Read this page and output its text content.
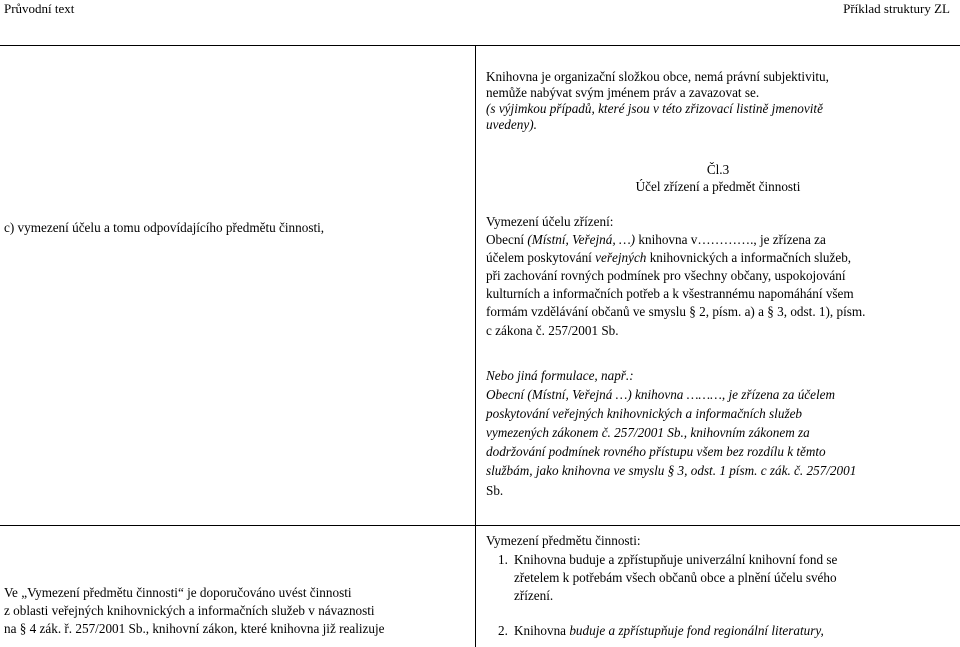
Průvodní text	Příklad struktury ZL
Knihovna je organizační složkou obce, nemá právní subjektivitu,
nemůže nabývat svým jménem práv a zavazovat se.
(s výjimkou případů, které jsou v této zřizovací listině jmenovitě
uvedeny).
Čl.3
Účel zřízení a předmět činnosti
c) vymezení účelu a tomu odpovídajícího předmětu činnosti,	Vymezení účelu zřízení:
Obecní (Místní, Veřejná, …) knihovna v…………., je zřízena za
účelem poskytování veřejných knihovnických a informačních služeb,
při zachování rovných podmínek pro všechny občany, uspokojování
kulturních a informačních potřeb a k všestrannému napomáhání všem
formám vzdělávání občanů ve smyslu § 2, písm. a) a § 3, odst. 1), písm.
c zákona č. 257/2001 Sb.
Nebo jiná formulace, např.:
Obecní (Místní, Veřejná …) knihovna ………, je zřízena za účelem
poskytování veřejných knihovnických a informačních služeb
vymezených zákonem č. 257/2001 Sb., knihovním zákonem za
dodržování podmínek rovného přístupu všem bez rozdílu k těmto
službám, jako knihovna ve smyslu § 3, odst. 1 písm. c zák. č. 257/2001
Sb.
Vymezení předmětu činnosti:
1. Knihovna buduje a zpřístupňuje univerzální knihovní fond se
zřetelem k potřebám všech občanů obce a plnění účelu svého
zřízení.
2. Knihovna buduje a zpřístupňuje fond regionální literatury,
Ve „Vymezení předmětu činnosti“ je doporučováno uvést činnosti
z oblasti veřejných knihovnických a informačních služeb v návaznosti
na § 4 zák. ř. 257/2001 Sb., knihovní zákon, které knihovna již realizuje
